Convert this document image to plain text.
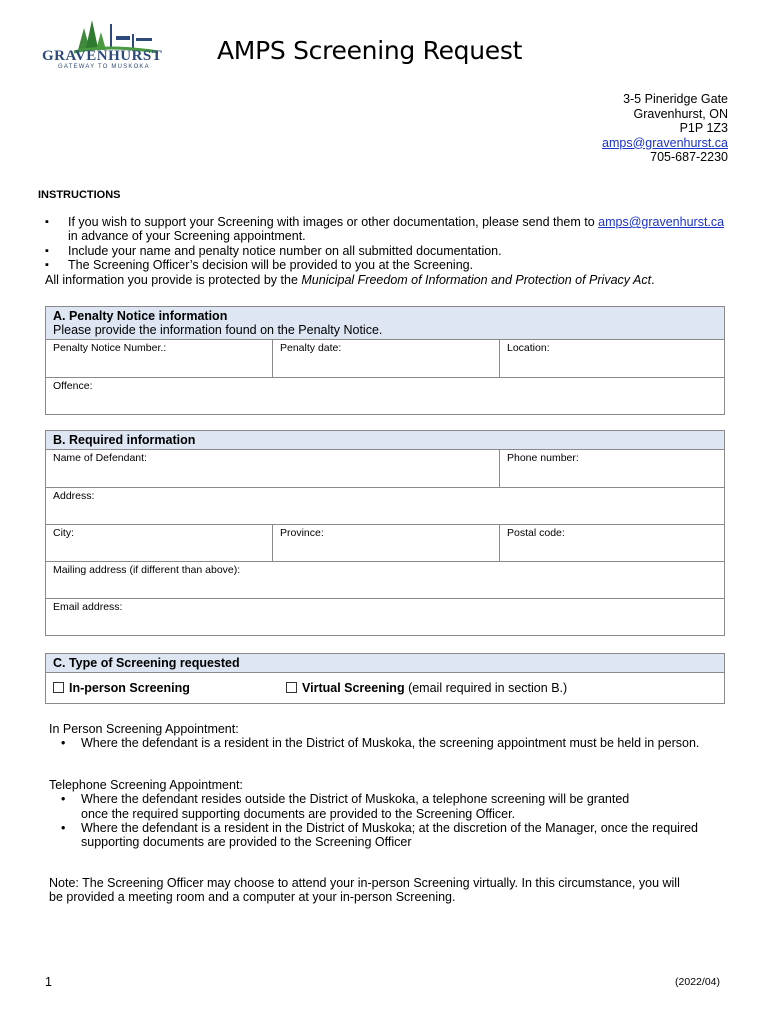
GRAVENHURST
GATEWAY TO MUSKOKA
AMPS Screening Request
3-5 Pineridge Gate
Gravenhurst, ON
P1P 1Z3
amps@gravenhurst.ca
705-687-2230
INSTRUCTIONS
▪ If you wish to support your Screening with images or other documentation, please send them to amps@gravenhurst.ca in advance of your Screening appointment.
▪ Include your name and penalty notice number on all submitted documentation.
▪ The Screening Officer’s decision will be provided to you at the Screening.
All information you provide is protected by the Municipal Freedom of Information and Protection of Privacy Act.
A. Penalty Notice information
Please provide the information found on the Penalty Notice.
Penalty Notice Number.:	Penalty date:	Location:
Offence:
B. Required information
Name of Defendant:	Phone number:
Address:
City:	Province:	Postal code:
Mailing address (if different than above):
Email address:
C. Type of Screening requested
In-person Screening	Virtual Screening (email required in section B.)
In Person Screening Appointment:
• Where the defendant is a resident in the District of Muskoka, the screening appointment must be held in person.
Telephone Screening Appointment:
• Where the defendant resides outside the District of Muskoka, a telephone screening will be granted once the required supporting documents are provided to the Screening Officer.
• Where the defendant is a resident in the District of Muskoka; at the discretion of the Manager, once the required supporting documents are provided to the Screening Officer
Note: The Screening Officer may choose to attend your in-person Screening virtually. In this circumstance, you will be provided a meeting room and a computer at your in-person Screening.
1	(2022/04)
